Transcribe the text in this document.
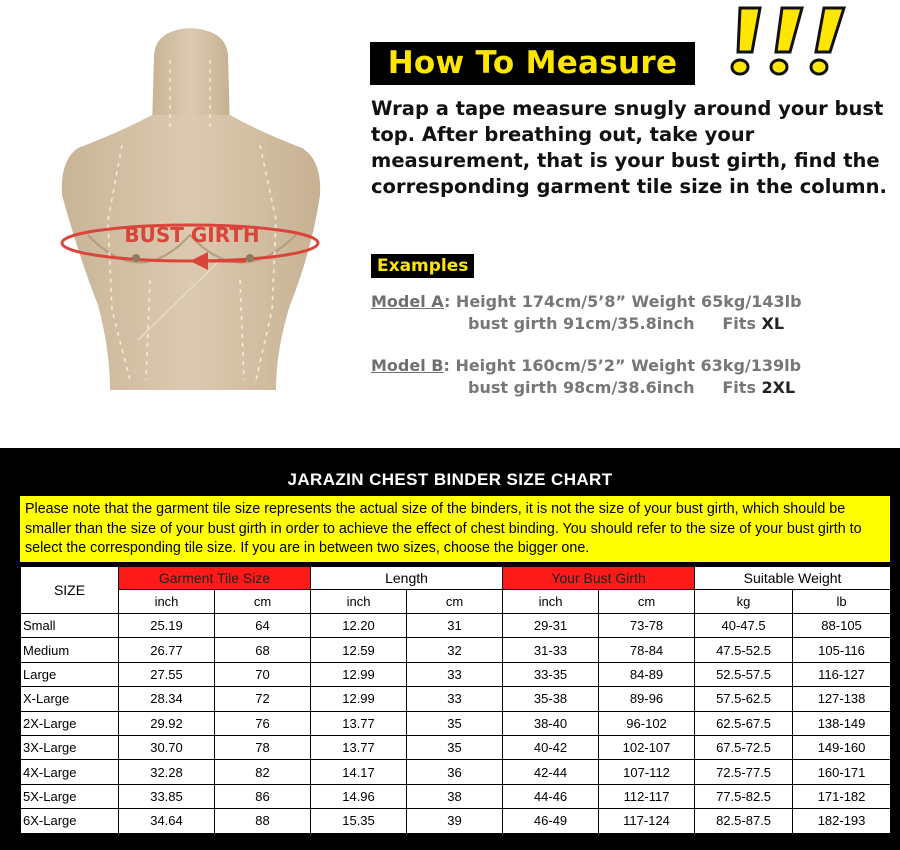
BUST GIRTH
How To Measure
Wrap a tape measure snugly around your bust top. After breathing out, take your measurement, that is your bust girth, find the corresponding garment tile size in the column.
Examples
Model A: Height 174cm/5’8” Weight 65kg/143lb
bust girth 91cm/35.8inch Fits XL
Model B: Height 160cm/5’2” Weight 63kg/139lb
bust girth 98cm/38.6inch Fits 2XL
JARAZIN CHEST BINDER SIZE CHART
Please note that the garment tile size represents the actual size of the binders, it is not the size of your bust girth, which should be smaller than the size of your bust girth in order to achieve the effect of chest binding. You should refer to the size of your bust girth to select the corresponding tile size. If you are in between two sizes, choose the bigger one.
SIZE	Garment Tile Size		Length		Your Bust Girth		Suitable Weight	
	inch	cm	inch	cm	inch	cm	kg	lb
Small	25.19	64	12.20	31	29-31	73-78	40-47.5	88-105
Medium	26.77	68	12.59	32	31-33	78-84	47.5-52.5	105-116
Large	27.55	70	12.99	33	33-35	84-89	52.5-57.5	116-127
X-Large	28.34	72	12.99	33	35-38	89-96	57.5-62.5	127-138
2X-Large	29.92	76	13.77	35	38-40	96-102	62.5-67.5	138-149
3X-Large	30.70	78	13.77	35	40-42	102-107	67.5-72.5	149-160
4X-Large	32.28	82	14.17	36	42-44	107-112	72.5-77.5	160-171
5X-Large	33.85	86	14.96	38	44-46	112-117	77.5-82.5	171-182
6X-Large	34.64	88	15.35	39	46-49	117-124	82.5-87.5	182-193
